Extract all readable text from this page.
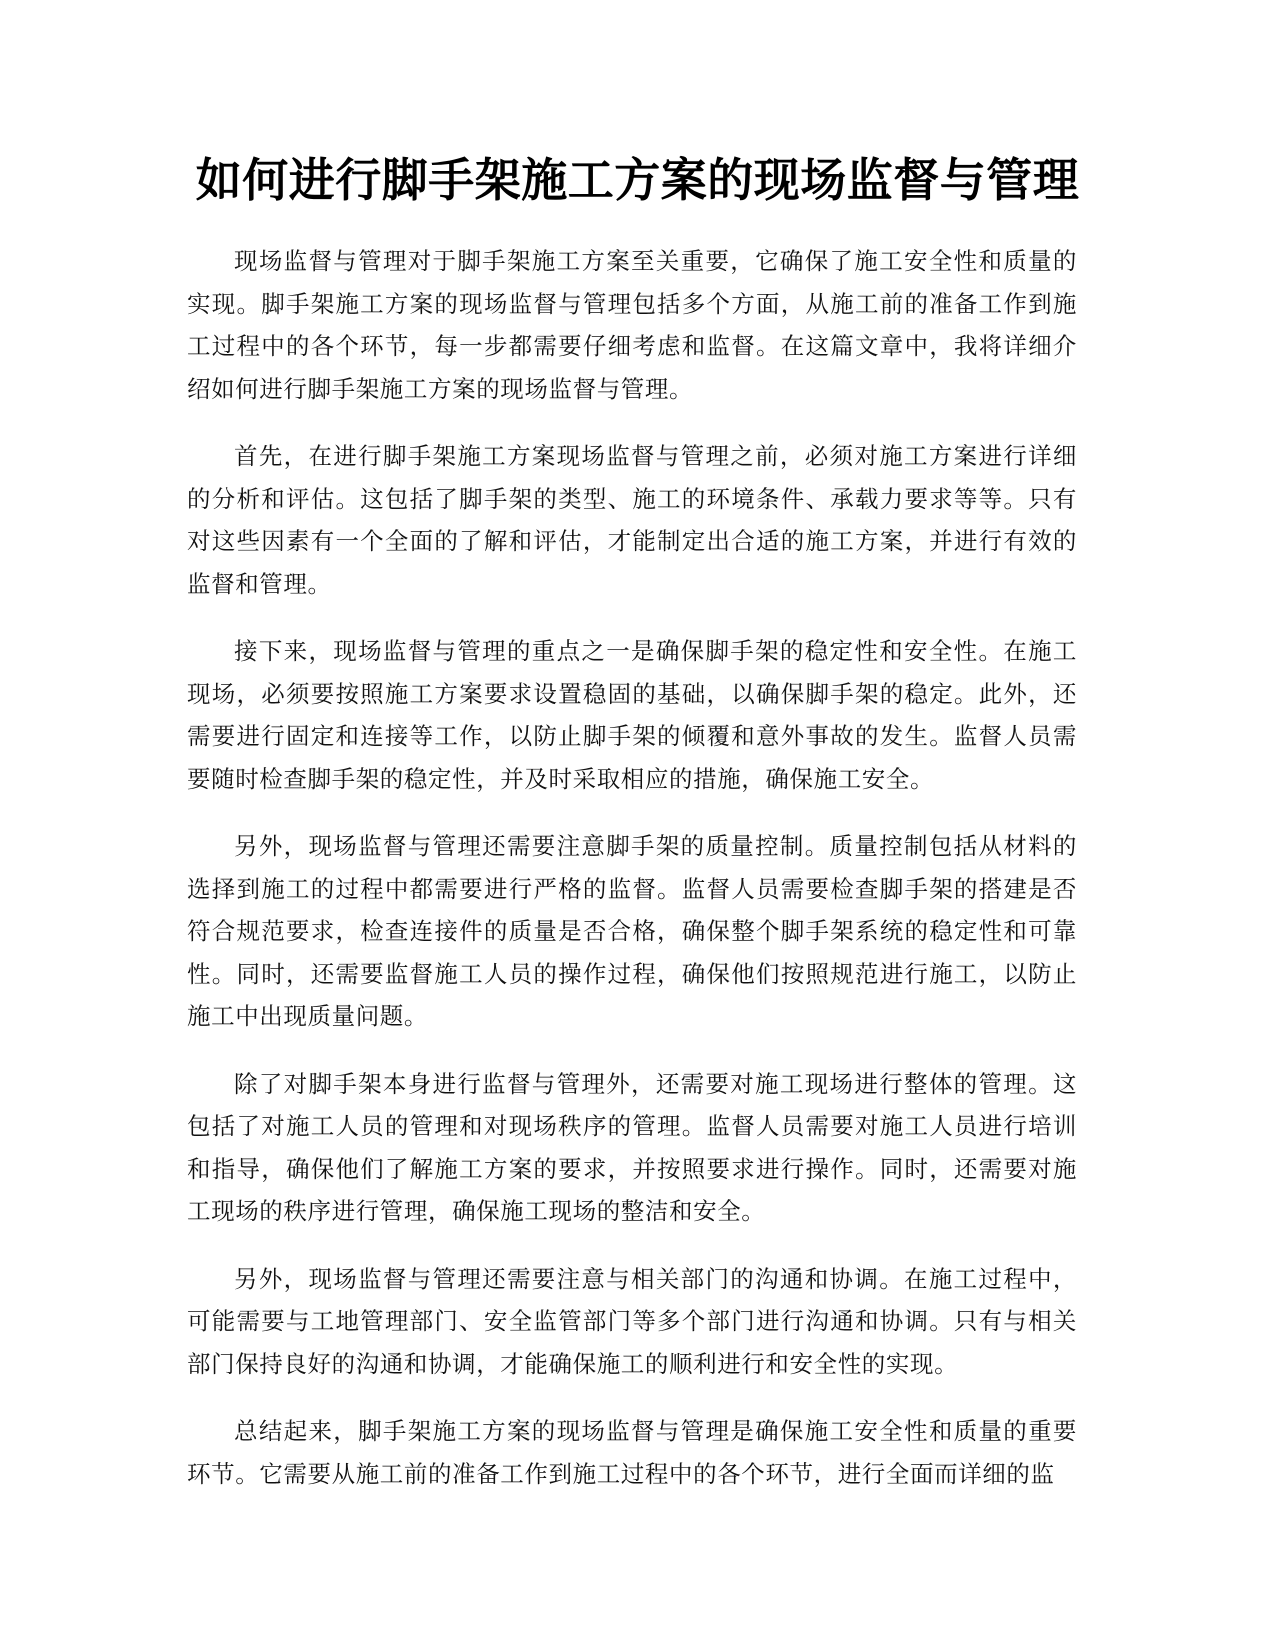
如何进行脚手架施工方案的现场监督与管理

现场监督与管理对于脚手架施工方案至关重要，它确保了施工安全性和质量的实现。脚手架施工方案的现场监督与管理包括多个方面，从施工前的准备工作到施工过程中的各个环节，每一步都需要仔细考虑和监督。在这篇文章中，我将详细介绍如何进行脚手架施工方案的现场监督与管理。

首先，在进行脚手架施工方案现场监督与管理之前，必须对施工方案进行详细的分析和评估。这包括了脚手架的类型、施工的环境条件、承载力要求等等。只有对这些因素有一个全面的了解和评估，才能制定出合适的施工方案，并进行有效的监督和管理。

接下来，现场监督与管理的重点之一是确保脚手架的稳定性和安全性。在施工现场，必须要按照施工方案要求设置稳固的基础，以确保脚手架的稳定。此外，还需要进行固定和连接等工作，以防止脚手架的倾覆和意外事故的发生。监督人员需要随时检查脚手架的稳定性，并及时采取相应的措施，确保施工安全。

另外，现场监督与管理还需要注意脚手架的质量控制。质量控制包括从材料的选择到施工的过程中都需要进行严格的监督。监督人员需要检查脚手架的搭建是否符合规范要求，检查连接件的质量是否合格，确保整个脚手架系统的稳定性和可靠性。同时，还需要监督施工人员的操作过程，确保他们按照规范进行施工，以防止施工中出现质量问题。

除了对脚手架本身进行监督与管理外，还需要对施工现场进行整体的管理。这包括了对施工人员的管理和对现场秩序的管理。监督人员需要对施工人员进行培训和指导，确保他们了解施工方案的要求，并按照要求进行操作。同时，还需要对施工现场的秩序进行管理，确保施工现场的整洁和安全。

另外，现场监督与管理还需要注意与相关部门的沟通和协调。在施工过程中，可能需要与工地管理部门、安全监管部门等多个部门进行沟通和协调。只有与相关部门保持良好的沟通和协调，才能确保施工的顺利进行和安全性的实现。

总结起来，脚手架施工方案的现场监督与管理是确保施工安全性和质量的重要环节。它需要从施工前的准备工作到施工过程中的各个环节，进行全面而详细的监
